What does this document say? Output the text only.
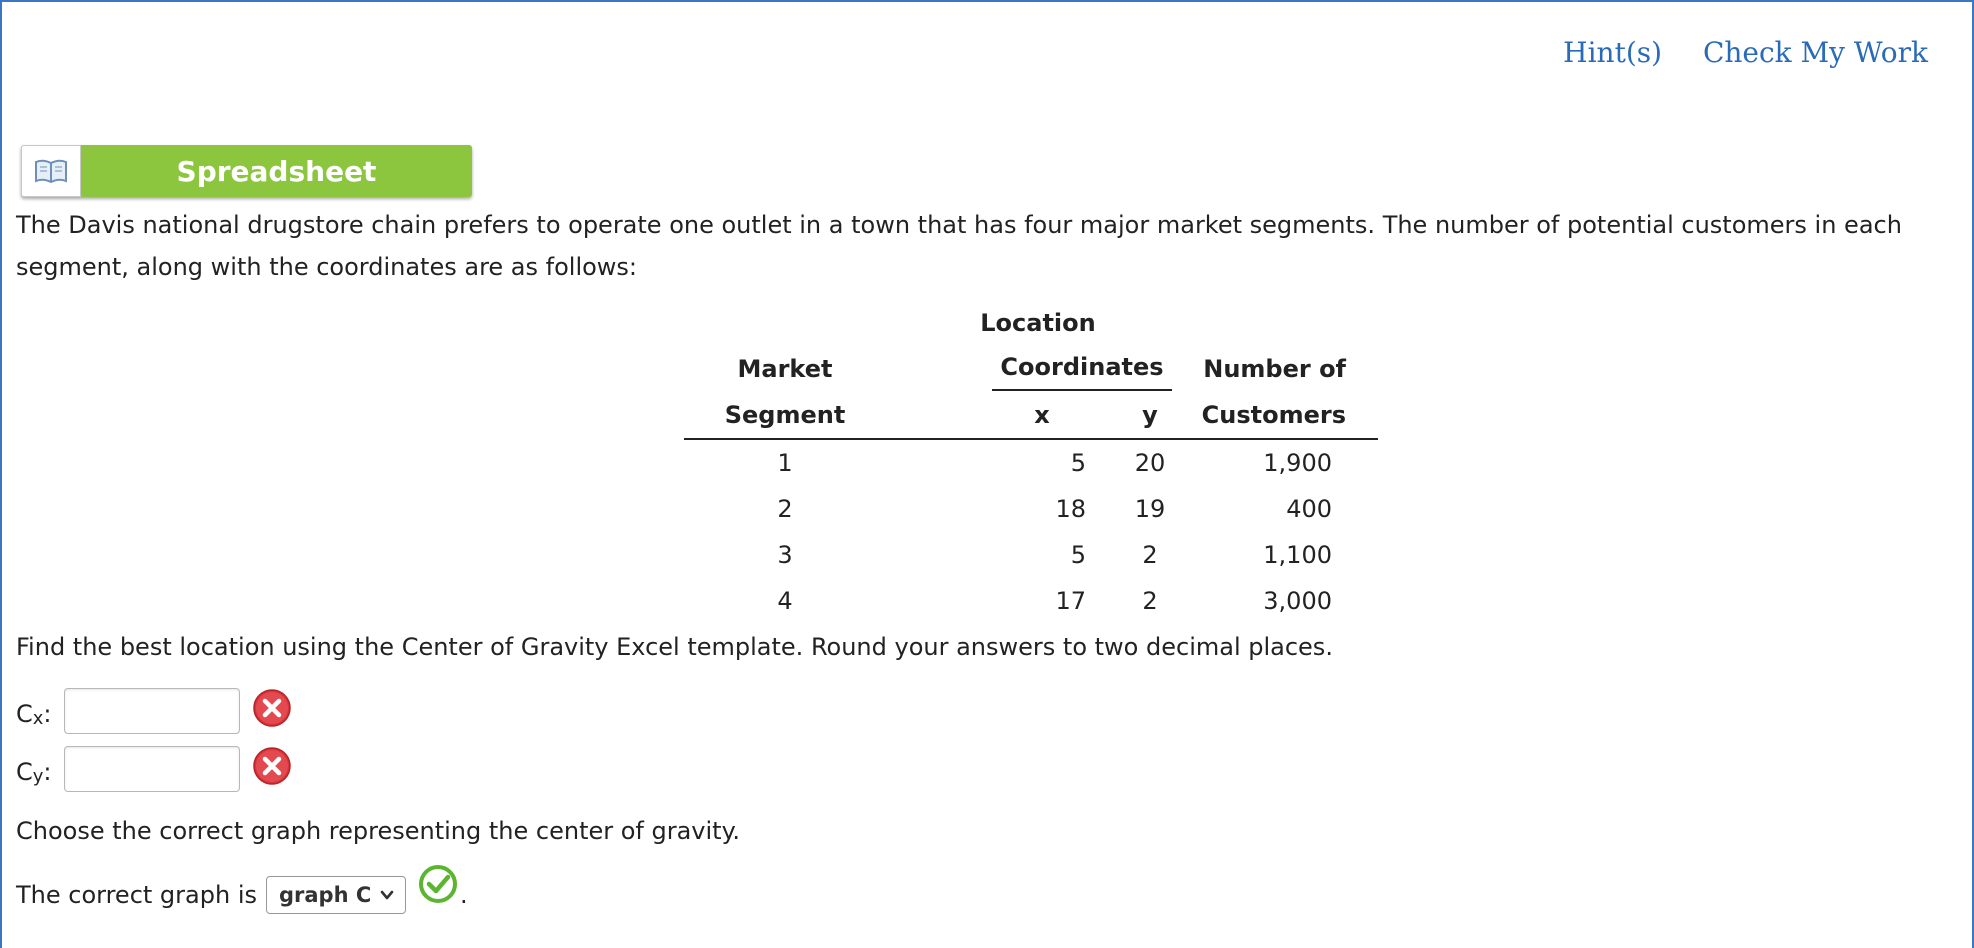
Hint(s) Check My Work
Spreadsheet
The Davis national drugstore chain prefers to operate one outlet in a town that has four major market segments. The number of potential customers in each
segment, along with the coordinates are as follows:
	Location			
Market		Coordinates		Number of
Segment		x	y	Customers
1		5	20	1,900
2		18	19	400
3		5	2	1,100
4		17	2	3,000
Find the best location using the Center of Gravity Excel template. Round your answers to two decimal places.
$C_x$:
$C_y$:
Choose the correct graph representing the center of gravity.
The correct graph is	graph C	.
